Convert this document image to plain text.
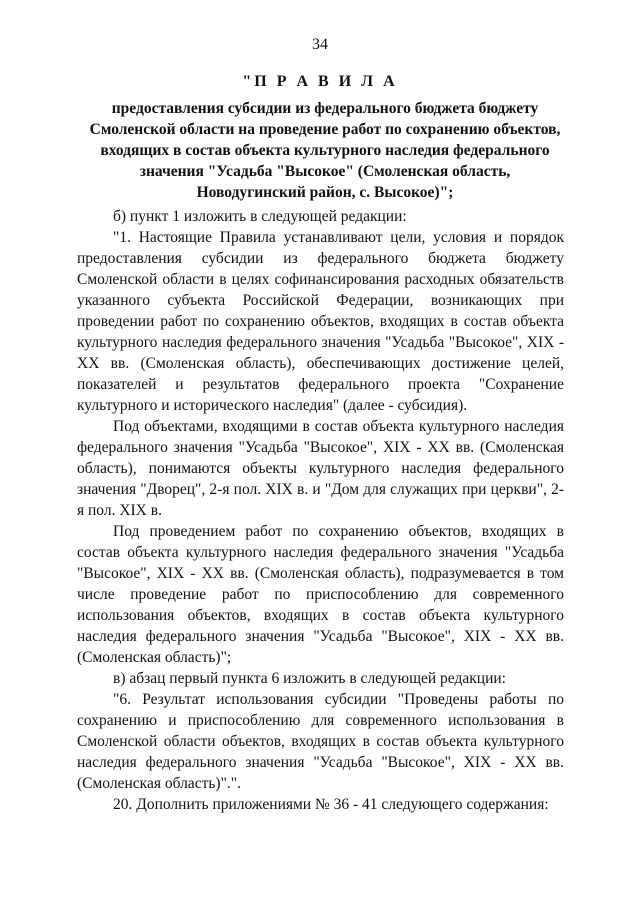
34
"П Р А В И Л А
предоставления субсидии из федерального бюджета бюджету Смоленской области на проведение работ по сохранению объектов, входящих в состав объекта культурного наследия федерального значения "Усадьба "Высокое" (Смоленская область, Новодугинский район, с. Высокое)";

б) пункт 1 изложить в следующей редакции:

"1. Настоящие Правила устанавливают цели, условия и порядок предоставления субсидии из федерального бюджета бюджету Смоленской области в целях софинансирования расходных обязательств указанного субъекта Российской Федерации, возникающих при проведении работ по сохранению объектов, входящих в состав объекта культурного наследия федерального значения "Усадьба "Высокое", XIX - XX вв. (Смоленская область), обеспечивающих достижение целей, показателей и результатов федерального проекта "Сохранение культурного и исторического наследия" (далее - субсидия).

Под объектами, входящими в состав объекта культурного наследия федерального значения "Усадьба "Высокое", XIX - XX вв. (Смоленская область), понимаются объекты культурного наследия федерального значения "Дворец", 2-я пол. XIX в. и "Дом для служащих при церкви", 2-я пол. XIX в.

Под проведением работ по сохранению объектов, входящих в состав объекта культурного наследия федерального значения "Усадьба "Высокое", XIX - XX вв. (Смоленская область), подразумевается в том числе проведение работ по приспособлению для современного использования объектов, входящих в состав объекта культурного наследия федерального значения "Усадьба "Высокое", XIX - XX вв. (Смоленская область)";

в) абзац первый пункта 6 изложить в следующей редакции:

"6. Результат использования субсидии "Проведены работы по сохранению и приспособлению для современного использования в Смоленской области объектов, входящих в состав объекта культурного наследия федерального значения "Усадьба "Высокое", XIX - XX вв. (Смоленская область)".".

20. Дополнить приложениями № 36 - 41 следующего содержания:
